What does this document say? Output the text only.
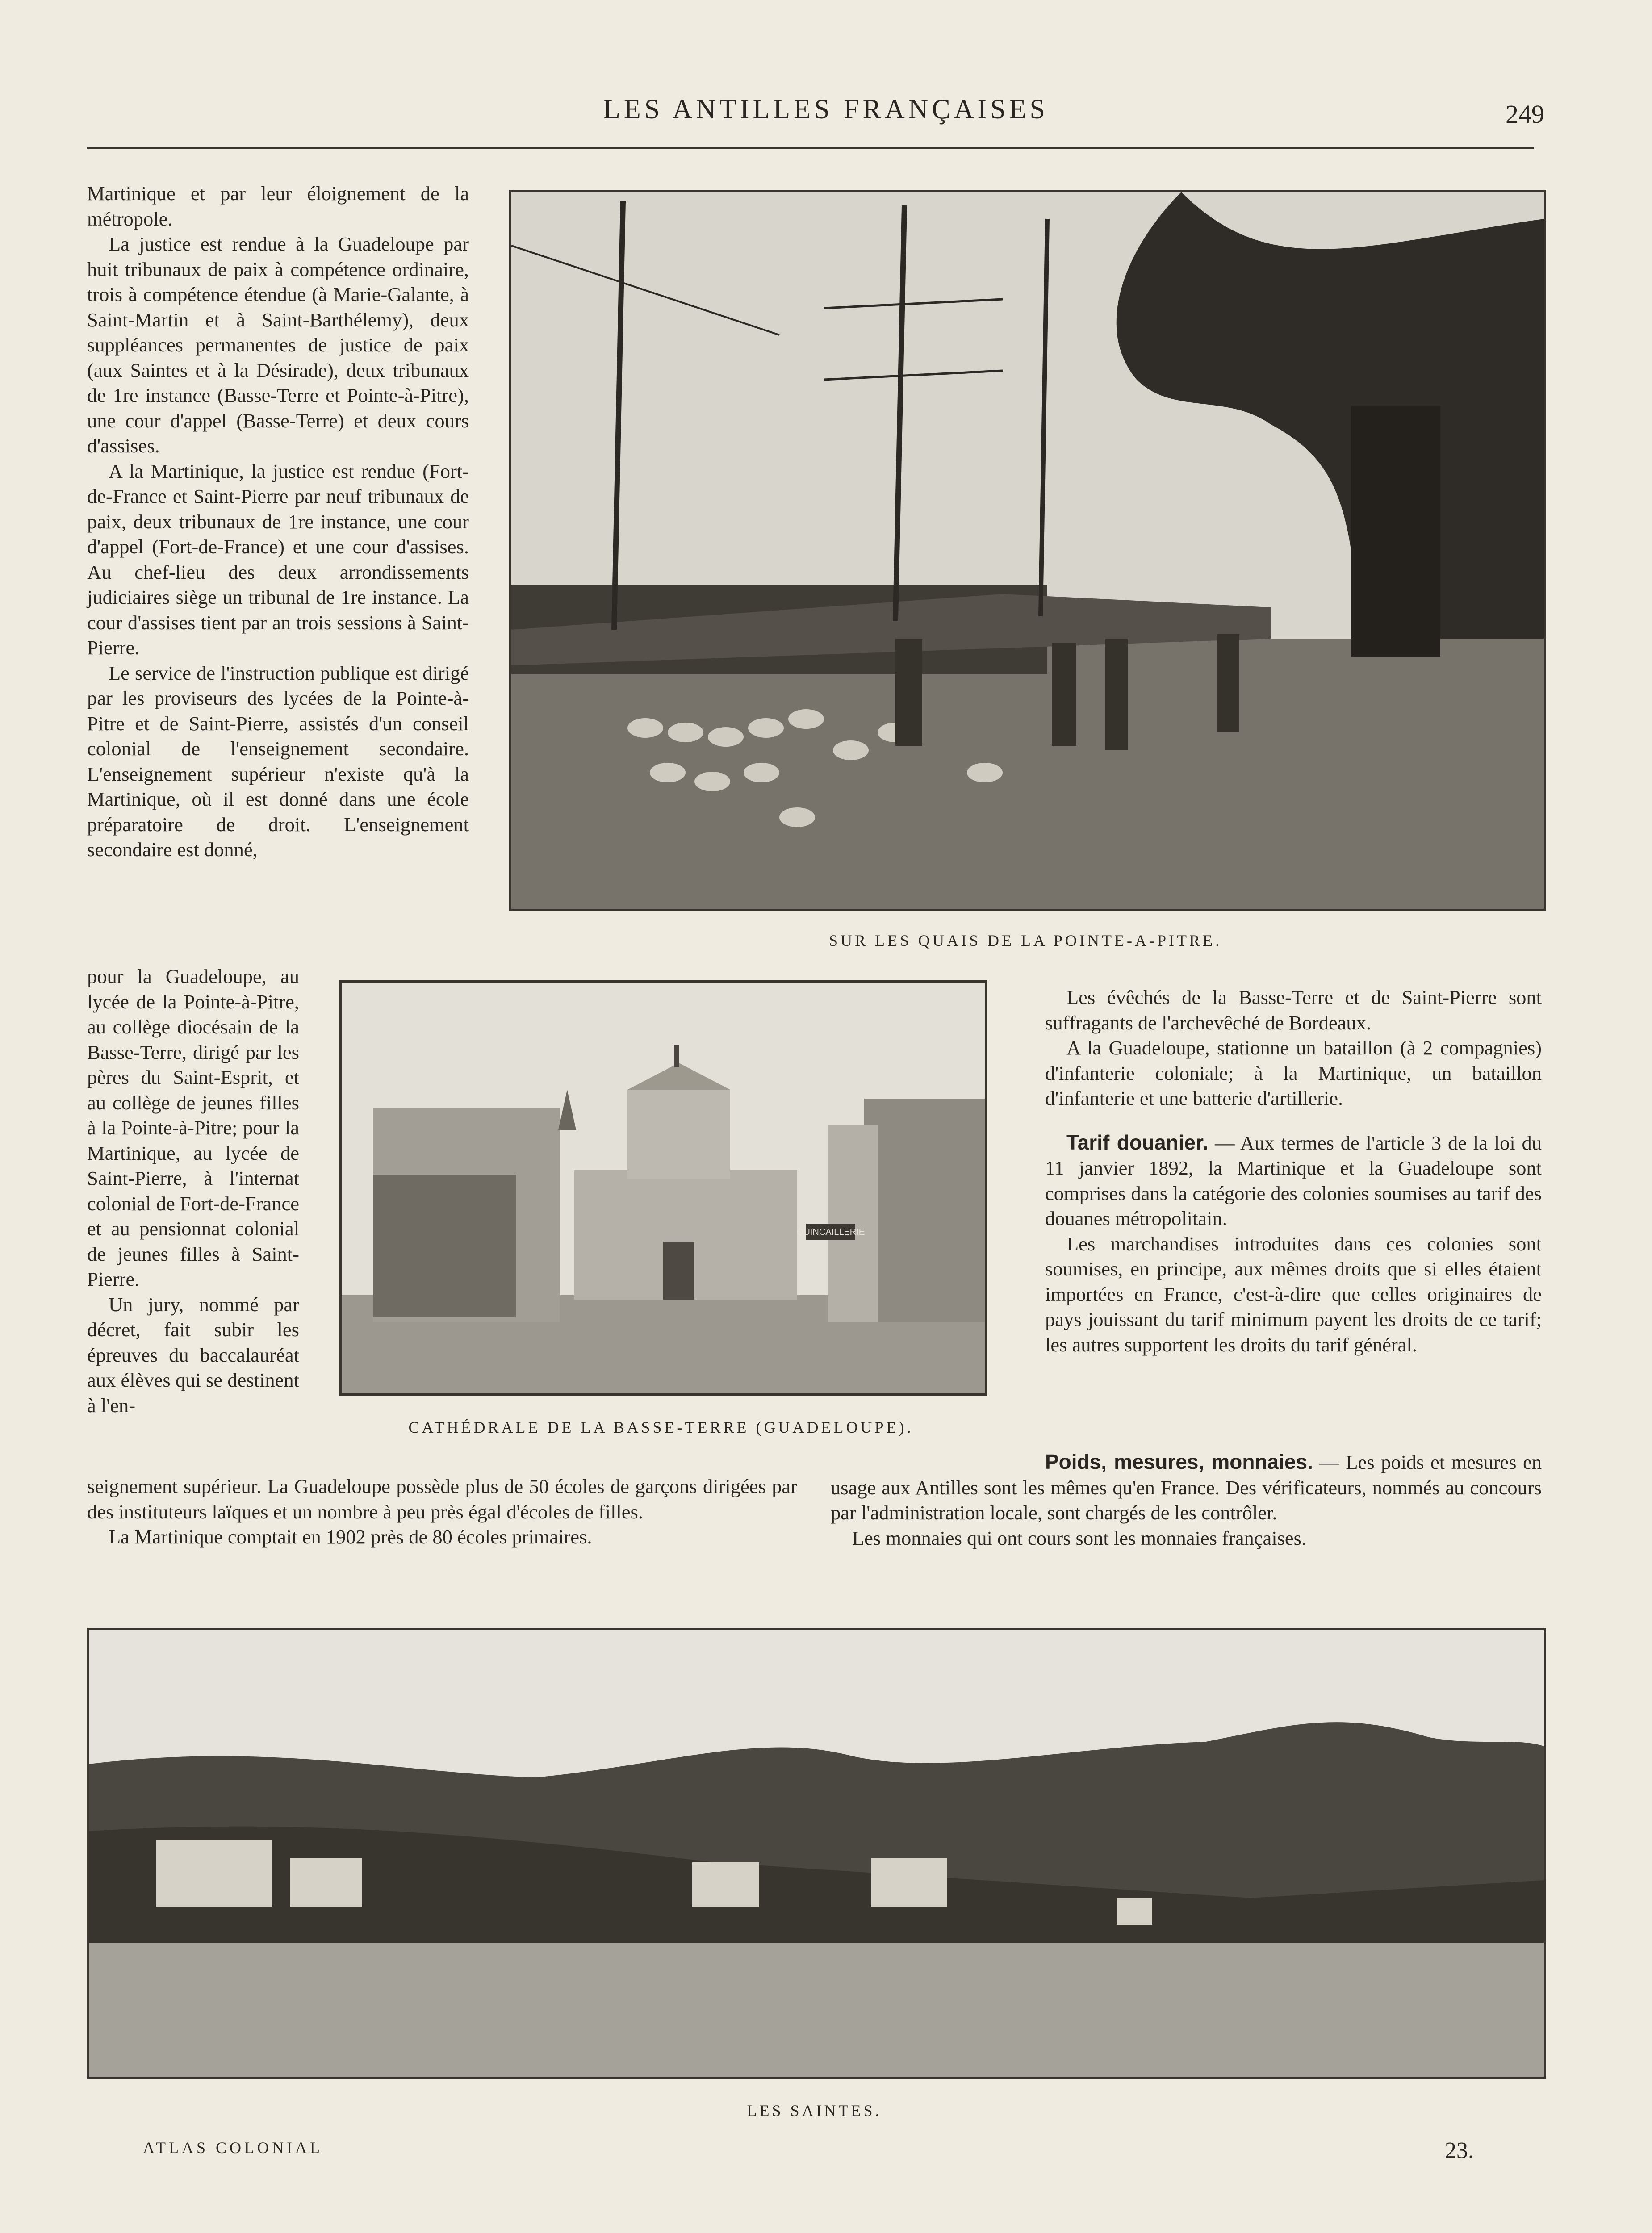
LES ANTILLES FRANÇAISES	249

Martinique et par leur éloignement de la métropole.

La justice est rendue à la Guadeloupe par huit tribunaux de paix à compétence ordinaire, trois à compétence étendue (à Marie-Galante, à Saint-Martin et à Saint-Barthélemy), deux suppléances permanentes de justice de paix (aux Saintes et à la Désirade), deux tribunaux de 1re instance (Basse-Terre et Pointe-à-Pitre), une cour d'appel (Basse-Terre) et deux cours d'assises.

A la Martinique, la justice est rendue (Fort-de-France et Saint-Pierre par neuf tribunaux de paix, deux tribunaux de 1re instance, une cour d'appel (Fort-de-France) et une cour d'assises. Au chef-lieu des deux arrondissements judiciaires siège un tribunal de 1re instance. La cour d'assises tient par an trois sessions à Saint-Pierre.

Le service de l'instruction publique est dirigé par les proviseurs des lycées de la Pointe-à-Pitre et de Saint-Pierre, assistés d'un conseil colonial de l'enseignement secondaire. L'enseignement supérieur n'existe qu'à la Martinique, où il est donné dans une école préparatoire de droit. L'enseignement secondaire est donné,

pour la Guadeloupe, au lycée de la Pointe-à-Pitre, au collège diocésain de la Basse-Terre, dirigé par les pères du Saint-Esprit, et au collège de jeunes filles à la Pointe-à-Pitre; pour la Martinique, au lycée de Saint-Pierre, à l'internat colonial de Fort-de-France et au pensionnat colonial de jeunes filles à Saint-Pierre.

Un jury, nommé par décret, fait subir les épreuves du baccalauréat aux élèves qui se destinent à l'en-

seignement supérieur. La Guadeloupe possède plus de 50 écoles de garçons dirigées par des instituteurs laïques et un nombre à peu près égal d'écoles de filles.

La Martinique comptait en 1902 près de 80 écoles primaires.

SUR LES QUAIS DE LA POINTE-A-PITRE.

Les évêchés de la Basse-Terre et de Saint-Pierre sont suffragants de l'archevêché de Bordeaux.

A la Guadeloupe, stationne un bataillon (à 2 compagnies) d'infanterie coloniale; à la Martinique, un bataillon d'infanterie et une batterie d'artillerie.

Tarif douanier. — Aux termes de l'article 3 de la loi du 11 janvier 1892, la Martinique et la Guadeloupe sont comprises dans la catégorie des colonies soumises au tarif des douanes métropolitain.

Les marchandises introduites dans ces colonies sont soumises, en principe, aux mêmes droits que si elles étaient importées en France, c'est-à-dire que celles originaires de pays jouissant du tarif minimum payent les droits de ce tarif; les autres supportent les droits du tarif général.

Poids, mesures, monnaies. — Les poids et mesures en usage aux Antilles sont les mêmes qu'en France. Des vérificateurs, nommés au concours par l'administration locale, sont chargés de les contrôler.

Les monnaies qui ont cours sont les monnaies françaises.

QUINCAILLERIE
CATHÉDRALE DE LA BASSE-TERRE (GUADELOUPE).
LES SAINTES.
ATLAS COLONIAL	23.
